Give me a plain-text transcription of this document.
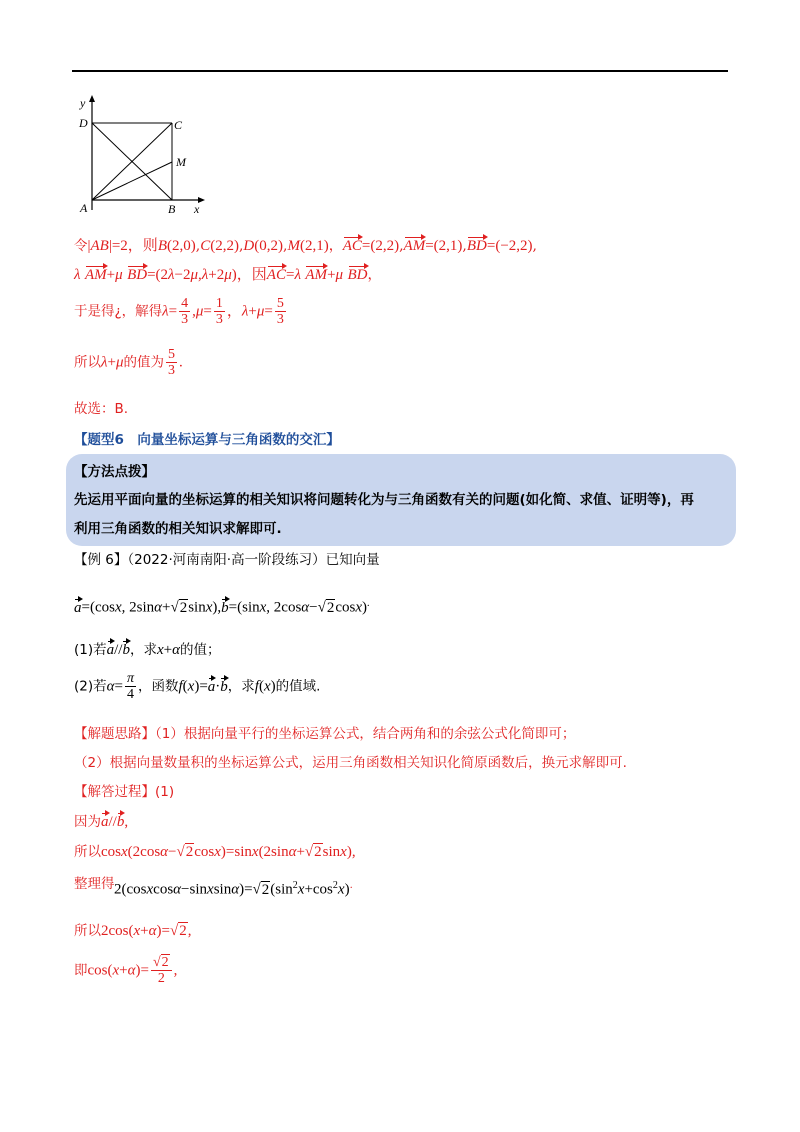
y
D	C
M
A	B x
令|AB|=2，则B(2,0),C(2,2),D(0,2),M(2,1)，AC=(2,2),AM=(2,1),BD=(−2,2),
λ AM+μ BD=(2λ−2μ,λ+2μ)，因AC=λ AM+μ BD，
于是得¿，解得$\lambda= \frac{4}{3} ,\mu= \frac{1}{3}$ ，$\lambda+\mu= \frac{5}{3}$
所以λ+μ的值为 $\frac{5}{3}$ .
故选：B.
【题型6　向量坐标运算与三角函数的交汇】
【方法点拨】
先运用平面向量的坐标运算的相关知识将问题转化为与三角函数有关的问题(如化简、求值、证明等)，再
利用三角函数的相关知识求解即可.
【例 6】（2022·河南南阳·高一阶段练习）已知向量
a=(cosx, 2sinα+√2sinx),b=(sinx, 2cosα−√2cosx).
(1)若a//b，求x+α的值；
(2)若$\alpha= \frac{\pi}{4}$ ，函数f(x)=a·b，求f(x)的值域.
【解题思路】（1）根据向量平行的坐标运算公式，结合两角和的余弦公式化简即可；
（2）根据向量数量积的坐标运算公式，运用三角函数相关知识化简原函数后，换元求解即可.
【解答过程】(1)
因为a//b,
所以cosx(2cosα−√2cosx)=sinx(2sinα+√2sinx),
整理得 $2(cosxcos\alpha-sinxsin\alpha)=√2(\sin^2x+\cos^2x)^.$
所以2cos(x+α)=√2,
即$\cos(x+\alpha)= \frac{√2}{2}$ ,
